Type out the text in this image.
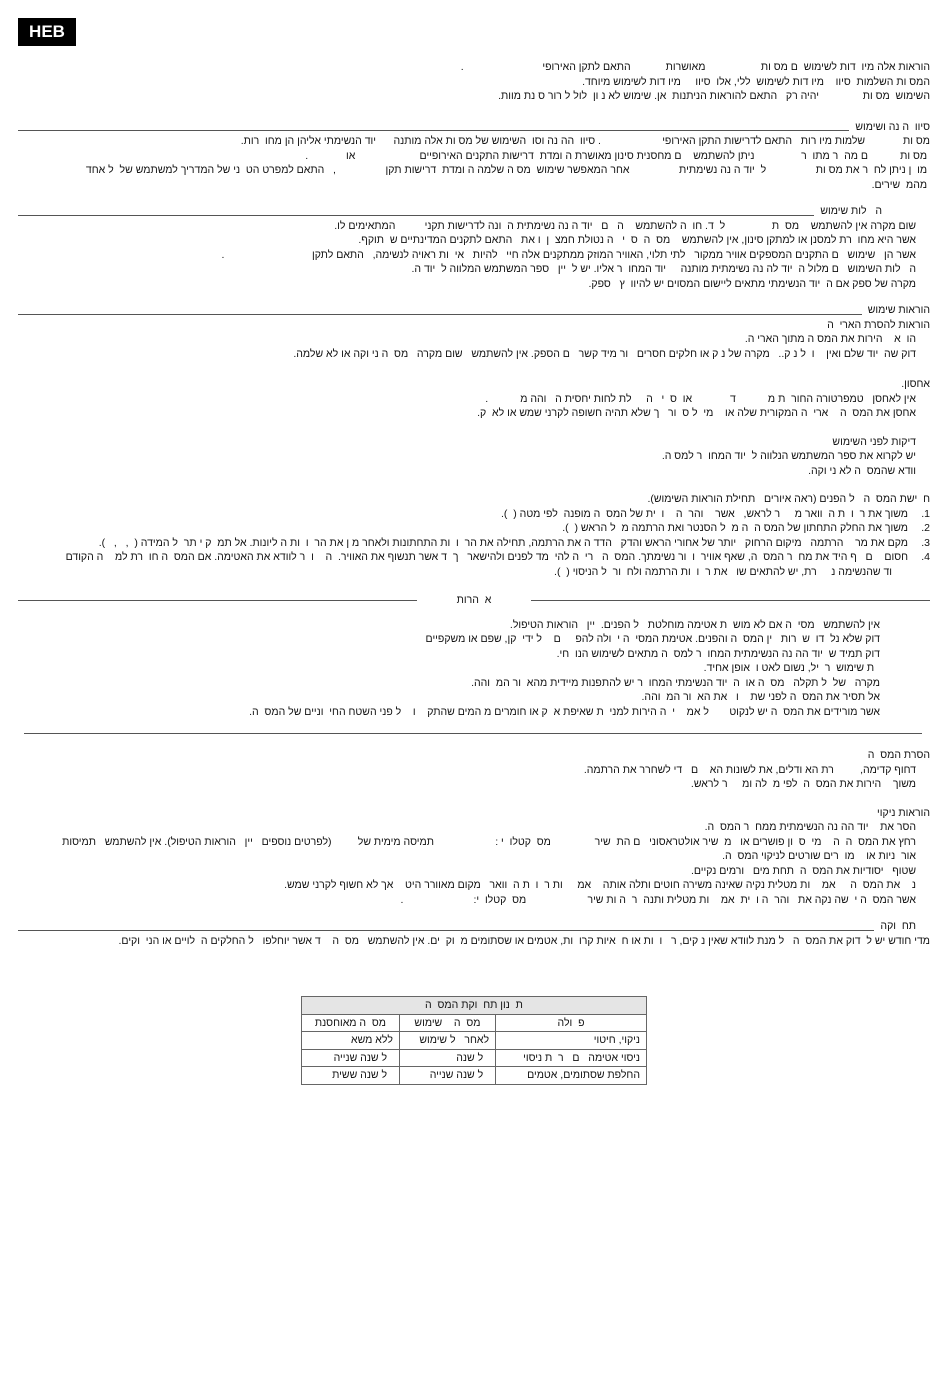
HEB
הוראות אלה מיו  דות לשימוש  ם מס ות                   מאושרות            התאם לתקן האירופי                           .
המס ות השלמות  סיוו    מיו דות לשימוש  ללי, אלו  סיוו     מיו דות לשימוש מיוחד.
השימוש  מס ות               יהיה רק   התאם להוראות הניתנות  אן. שימוש לא נ ון  לול ל רור ס נת מוות.
סיוו  ה נה ושימוש
מס ות             שלמות מיו רות   התאם לדרישות התקן האירופי                     . סיוו  הה נה וסו  השימוש של מס ות אלה מותנה      יוד הנשימתי אליהן הן מחו  רות.
מס ות           ם מה  ר מתו  ר                ניתן להשתמש    ם מחסנית סינון מאושרת ה ומדת  דרישות התקנים האירופיים                      או             .
מו  ן ניתן לח  ר את מס ות                 ל  יוד ה נה נשימתית                 אחר המאפשר שימוש  מס ה שלמה ה ומדת  דרישות תקן                 ,   התאם למפרט הט  ני של המדריך למשתמש של  ל אחד
מהמ  שירים.
ה   לות שימוש
שום מקרה אין להשתמש    מס  ת                ל  ד. חו  ה להשתמש    ה   ם   יוד ה נה נשימתית ה  ונה לדרישות תקני          המתאימים לו.
אשר היא מחו  רת למסנן או למתקן סינון, אין להשתמש    מס  ה  ס  י   ה נטולת חמצ  ן  ו את   התאם לתקנים המדינתיים ש  תוקף.
אשר הן   שימוש   ם התקנים המספקים אוויר ממקור   לתי תלוי, האוויר המוזק ממתקנים אלה חיי   להיות   אי  ות ראויה לנשימה,   התאם לתקן                              .
ה   לות השימוש   ם מלול ה  יוד לה נה נשימתית מותנה     יוד המחו  ר אליו. יש ל  יין   ספר המשתמש המלווה ל  יוד ה.
מקרה של ספק אם ה  יוד הנשימתי מתאים ליישום המסוים יש להיוו  ץ   ספק.
הוראות שימוש
הוראות להסרת הארי  ה
הו  א    הירות את המס ה מתוך הארי ה.
דוק שה  יוד שלם ואין    ו  ל נ ק..   מקרה של נ ק או חלקים חסרים   ור מיד קשר   ם הספק. אין להשתמש   שום מקרה   מס  ה ני וקה או לא שלמה.
אחסון.
אין לאחסן   טמפרטורה החור  ת מ           ד             או  ס  י   ה     לת לחות יחסית ה   והה מ           .
אחסן את המס  ה    ארי  ה המקורית שלה או    מי  ל ס  ור   ך שלא תהיה חשופה לקרני שמש או לא  ק.
דיקות לפני השימוש
יש לקרוא את ספר המשתמש הנלווה ל  יוד המחו  ר למס ה.
וודא שהמס  ה לא ני וקה.
ח  ישת המס  ה   ל הפנים (ראה איורים   תחילת הוראות השימוש).
1.
משוך את ר  ו  ת ה  וואר מ     ר לראש,   אשר    והר  ה    ו  ית של המס  ה מופנה  לפי מטה (  ).
2.
משוך את החלק התחתון של המס ה  ה מ  ל הסנטר ואת הרתמה מ  ל הראש (  ).
3.
מקם את מר    הרתמה   מיקום הרחוק   יותר של אחורי הראש והדק   הדד ה את הרתמה, תחילה את הר  ו  ות התחתונות ולאחר מ ן את הר  ו  ות ה ליונות. אל תמ  ק י תר  ל המידה (  ,   ,   ).
4.
חסום    ם   ף היד את מח  ר המס  ה, שאף אוויר  ו  ור נשימתך. המס  ה   רי  ה להי  מד לפנים ולהישאר   ך  ד אשר תנשוף את האוויר.  ה    ו  ר לוודא את האטימה. אם המס  ה חו  רת למ    ה הקודם
וד שהנשימה נ     רת, יש להתאים שו   את ר  ו  ות הרתמה ולח  ור  ל הניסוי (  ).
א  הרות
אין להשתמש   מסי  ה אם לא מוש  ת אטימה מוחלטת   ל הפנים.  יין   הוראות הטיפול.
דוק שלא נל  דו  ש  רות   ין המס  ה והפנים. אטימת המסי  ה י  ולה להפ     ם    ל ידי  קן, שפם או משקפיים
דוק תמיד ש  יוד הה נה הנשימתית המחו  ר למס  ה מתאים לשימוש הנו  חי.
ת שימוש  ר  יל, נשום לאט ו  אופן אחיד.
מקרה   של  ל תקלה   מס  ה או  ה  יוד הנשימתי המחו  ר יש להתפנות מיידית מהא  ור המ  והה.
אל תסיר את המס  ה לפני שת    ו   את הא  ור המ  והה.
אשר מורידים את המס  ה יש לנקוט       ל אמ    י  ה הירות למני  ת שאיפת א  ק או חומרים מ המים שהתק    ו    ל פני השטח החי  וניים של המס  ה.
הסרת המס  ה
דחוף קדימה,         רת הא ודלים, את לשונות הא    ם   די לשחרר את הרתמה.
משוך    הירות את המס  ה  לפי מ  לה ומ     ר לראש.
הוראות ניקוי
הסר את    יוד הה נה הנשימתית ממח  ר המס  ה.
רחץ את המס  ה  ה    מי  ס  ון פושרים או   מ  שיר אולטראסוני   ם הת  שיר               מס  קטלו  י :                     תמיסה מימית של         (לפרטים נוספים   יין   הוראות הטיפול). אין להשתמש   תמיסות
אור  ניות או    מו  רים שורטים לניקוי המס  ה.
שטוף   יסודיות את המס  ה  תחת מים   ורמים נקיים.
נ    את המס  ה     אמ    ות מטלית נקיה שאינה משירה חוטים ותלה אותה    אמ     ות ר  ו  ת ה  וואר   מקום מאוורר היט    אך לא חשוף לקרני שמש.
אשר המס  ה י  שה נקה את   והר  ה ו  ית  אמ    ות מטלית ותנה  ר  ה ות שיר                     מס  קטלו  י:                        .
תח  וקה
מדי חודש יש ל  דוק את המס  ה   ל מנת לוודא שאין נ קים, ר   ו  ות או ח  איות קרו  ות, אטמים או שסתומים מ  וק  ים. אין להשתמש   מס  ה    ד אשר יוחלפו   ל החלקים ה  לויים או הני  וקים.
ת  נון תח  וקת המס  ה		
פ  ולה	מס  ה    שימוש	מס  ה מאוחסנת
ניקוי, חיטוי	לאחר   ל שימוש	ללא משא
ניסוי אטימה   ם   ר  ת ניסוי	ל שנה	ל שנה שנייה
החלפת שסתומים, אטמים	ל שנה שנייה	ל שנה ששית
